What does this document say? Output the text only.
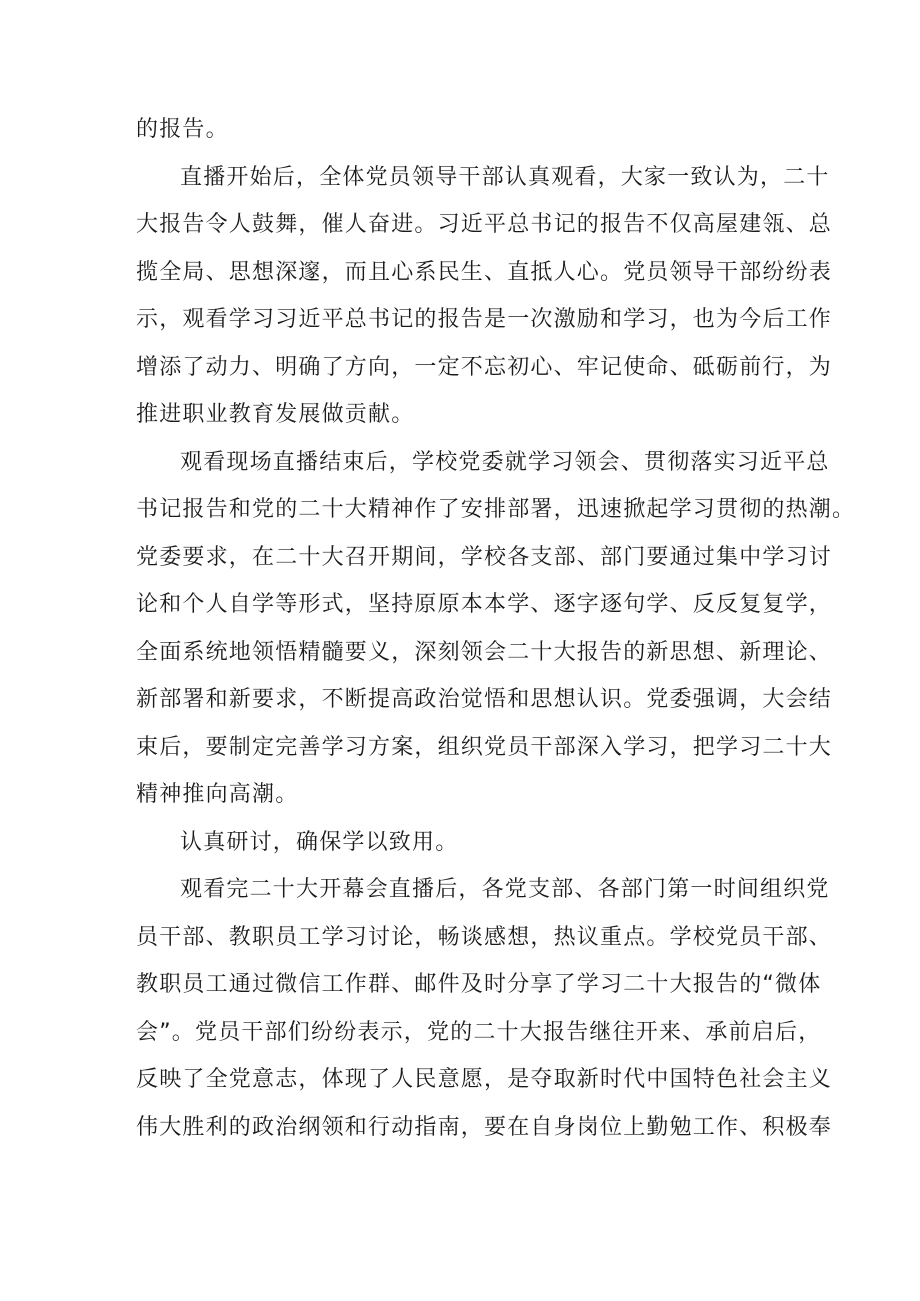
的报告。
直播开始后，全体党员领导干部认真观看，大家一致认为，二十
大报告令人鼓舞，催人奋进。习近平总书记的报告不仅高屋建瓴、总
揽全局、思想深邃，而且心系民生、直抵人心。党员领导干部纷纷表
示，观看学习习近平总书记的报告是一次激励和学习，也为今后工作
增添了动力、明确了方向，一定不忘初心、牢记使命、砥砺前行，为
推进职业教育发展做贡献。
观看现场直播结束后，学校党委就学习领会、贯彻落实习近平总
书记报告和党的二十大精神作了安排部署，迅速掀起学习贯彻的热潮。
党委要求，在二十大召开期间，学校各支部、部门要通过集中学习讨
论和个人自学等形式，坚持原原本本学、逐字逐句学、反反复复学，
全面系统地领悟精髓要义，深刻领会二十大报告的新思想、新理论、
新部署和新要求，不断提高政治觉悟和思想认识。党委强调，大会结
束后，要制定完善学习方案，组织党员干部深入学习，把学习二十大
精神推向高潮。
认真研讨，确保学以致用。
观看完二十大开幕会直播后，各党支部、各部门第一时间组织党
员干部、教职员工学习讨论，畅谈感想，热议重点。学校党员干部、
教职员工通过微信工作群、邮件及时分享了学习二十大报告的“微体
会”。党员干部们纷纷表示，党的二十大报告继往开来、承前启后，
反映了全党意志，体现了人民意愿，是夺取新时代中国特色社会主义
伟大胜利的政治纲领和行动指南，要在自身岗位上勤勉工作、积极奉
